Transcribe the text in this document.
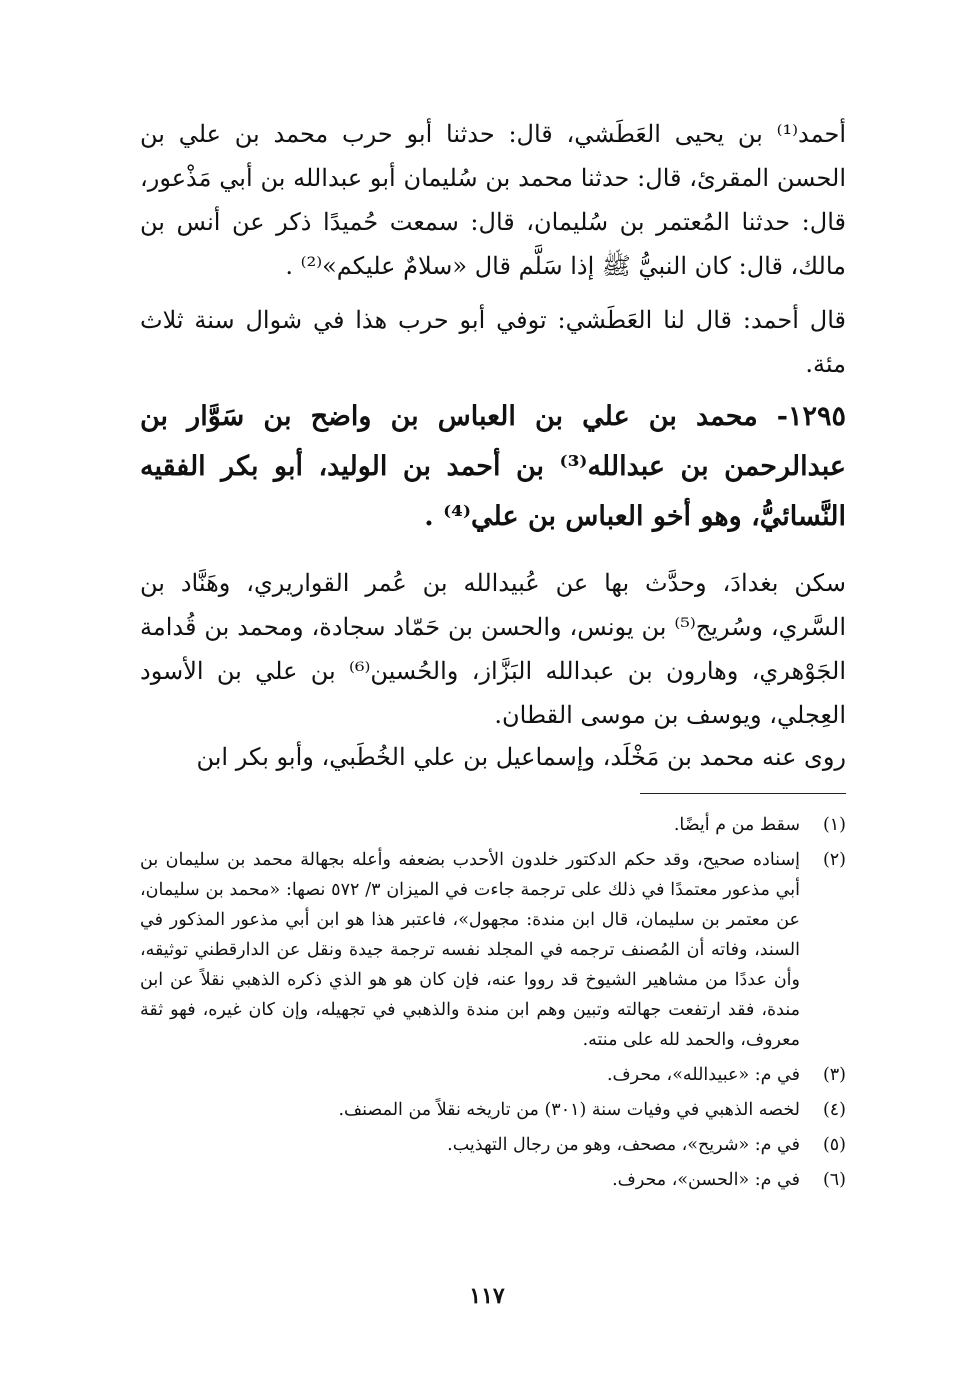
أحمد⁽¹⁾ بن يحيى العَطَشي، قال: حدثنا أبو حرب محمد بن علي بن الحسن المقرئ، قال: حدثنا محمد بن سُليمان أبو عبدالله بن أبي مَذْعور، قال: حدثنا المُعتمر بن سُليمان، قال: سمعت حُميدًا ذكر عن أنس بن مالك، قال: كان النبيُّ ﷺ إذا سَلَّم قال «سلامٌ عليكم»⁽²⁾ .

قال أحمد: قال لنا العَطَشي: توفي أبو حرب هذا في شوال سنة ثلاث مئة.

١٢٩٥- محمد بن علي بن العباس بن واضح بن سَوَّار بن عبدالرحمن بن عبدالله⁽³⁾ بن أحمد بن الوليد، أبو بكر الفقيه النَّسائيُّ، وهو أخو العباس بن علي⁽⁴⁾ .

سكن بغدادَ، وحدَّث بها عن عُبيدالله بن عُمر القواريري، وهَنَّاد بن السَّري، وسُريج⁽⁵⁾ بن يونس، والحسن بن حَمّاد سجادة، ومحمد بن قُدامة الجَوْهري، وهارون بن عبدالله البَزَّاز، والحُسين⁽⁶⁾ بن علي بن الأسود العِجلي، ويوسف بن موسى القطان.

روى عنه محمد بن مَخْلَد، وإسماعيل بن علي الخُطَبي، وأبو بكر ابن

(١)
سقط من م أيضًا.
(٢)
إسناده صحيح، وقد حكم الدكتور خلدون الأحدب بضعفه وأعله بجهالة محمد بن سليمان بن أبي مذعور معتمدًا في ذلك على ترجمة جاءت في الميزان ٣/ ٥٧٢ نصها: «محمد بن سليمان، عن معتمر بن سليمان، قال ابن مندة: مجهول»، فاعتبر هذا هو ابن أبي مذعور المذكور في السند، وفاته أن المُصنف ترجمه في المجلد نفسه ترجمة جيدة ونقل عن الدارقطني توثيقه، وأن عددًا من مشاهير الشيوخ قد رووا عنه، فإن كان هو هو الذي ذكره الذهبي نقلاً عن ابن مندة، فقد ارتفعت جهالته وتبين وهم ابن مندة والذهبي في تجهيله، وإن كان غيره، فهو ثقة معروف، والحمد لله على منته.
(٣)
في م: «عبيدالله»، محرف.
(٤)
لخصه الذهبي في وفيات سنة (٣٠١) من تاريخه نقلاً من المصنف.
(٥)
في م: «شريح»، مصحف، وهو من رجال التهذيب.
(٦)
في م: «الحسن»، محرف.
١١٧
